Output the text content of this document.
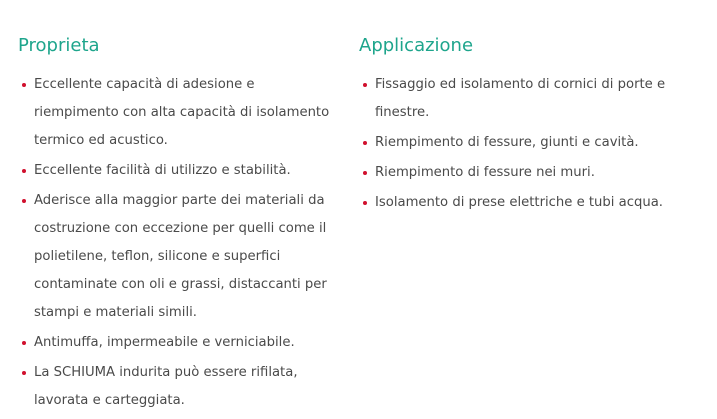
Proprieta
Eccellente capacità di adesione e riempimento con alta capacità di isolamento termico ed acustico.
Eccellente facilità di utilizzo e stabilità.
Aderisce alla maggior parte dei materiali da costruzione con eccezione per quelli come il polietilene, teflon, silicone e superfici contaminate con oli e grassi, distaccanti per stampi e materiali simili.
Antimuffa, impermeabile e verniciabile.
La SCHIUMA indurita può essere rifilata, lavorata e carteggiata.
Applicazione
Fissaggio ed isolamento di cornici di porte e finestre.
Riempimento di fessure, giunti e cavità.
Riempimento di fessure nei muri.
Isolamento di prese elettriche e tubi acqua.
